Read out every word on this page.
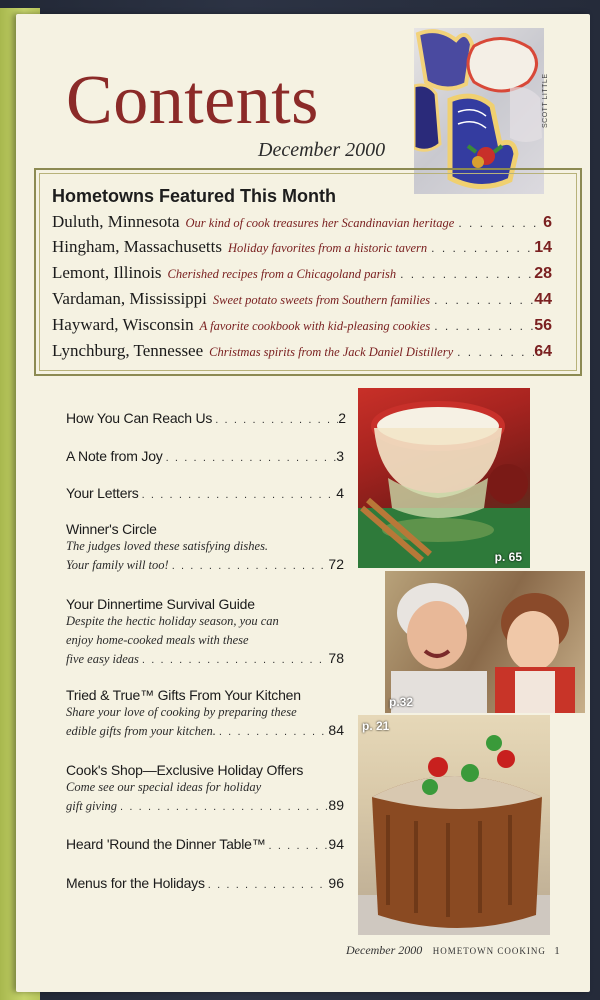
Contents
December 2000
SCOTT LITTLE
Hometowns Featured This Month
Duluth, Minnesota Our kind of cook treasures her Scandinavian heritage . . .	6
Hingham, Massachusetts Holiday favorites from a historic tavern . . .	14
Lemont, Illinois Cherished recipes from a Chicagoland parish . . .	28
Vardaman, Mississippi Sweet potato sweets from Southern families . . .	44
Hayward, Wisconsin A favorite cookbook with kid-pleasing cookies . . .	56
Lynchburg, Tennessee Christmas spirits from the Jack Daniel Distillery . . .	64
p. 65
p.32
p. 21
How You Can Reach Us . . .	2
A Note from Joy . . .	3
Your Letters . . .	4
Winner's Circle
The judges loved these satisfying dishes.
Your family will too! . . .	72
Your Dinnertime Survival Guide
Despite the hectic holiday season, you can
enjoy home-cooked meals with these
five easy ideas . . .	78
Tried & True™ Gifts From Your Kitchen
Share your love of cooking by preparing these
edible gifts from your kitchen. . . .	84
Cook's Shop—Exclusive Holiday Offers
Come see our special ideas for holiday
gift giving . . .	89
Heard 'Round the Dinner Table™ . . .	94
Menus for the Holidays . . .	96
December 2000 HOMETOWN COOKING 1
